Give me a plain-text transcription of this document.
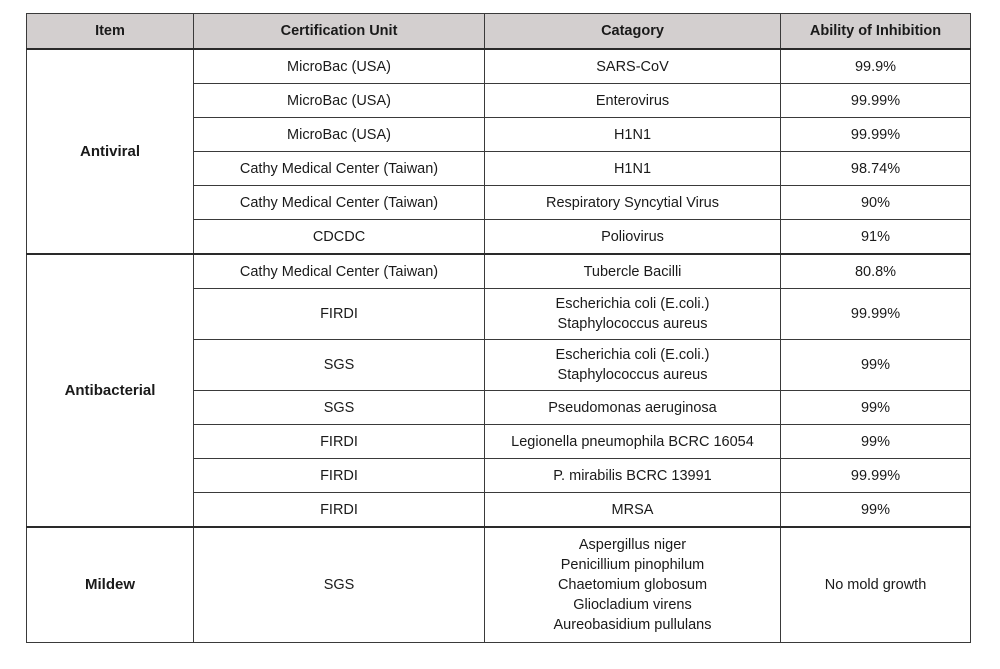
Item	Certification Unit	Catagory	Ability of Inhibition
Antiviral	MicroBac (USA)	SARS-CoV	99.9%
	MicroBac (USA)	Enterovirus	99.99%
	MicroBac (USA)	H1N1	99.99%
	Cathy Medical Center (Taiwan)	H1N1	98.74%
	Cathy Medical Center (Taiwan)	Respiratory Syncytial Virus	90%
	CDCDC	Poliovirus	91%
Antibacterial	Cathy Medical Center (Taiwan)	Tubercle Bacilli	80.8%
	FIRDI	Escherichia coli (E.coli.)
Staphylococcus aureus	99.99%
	SGS	Escherichia coli (E.coli.)
Staphylococcus aureus	99%
	SGS	Pseudomonas aeruginosa	99%
	FIRDI	Legionella pneumophila BCRC 16054	99%
	FIRDI	P. mirabilis BCRC 13991	99.99%
	FIRDI	MRSA	99%
Mildew	SGS	Aspergillus niger
Penicillium pinophilum
Chaetomium globosum
Gliocladium virens
Aureobasidium pullulans	No mold growth
